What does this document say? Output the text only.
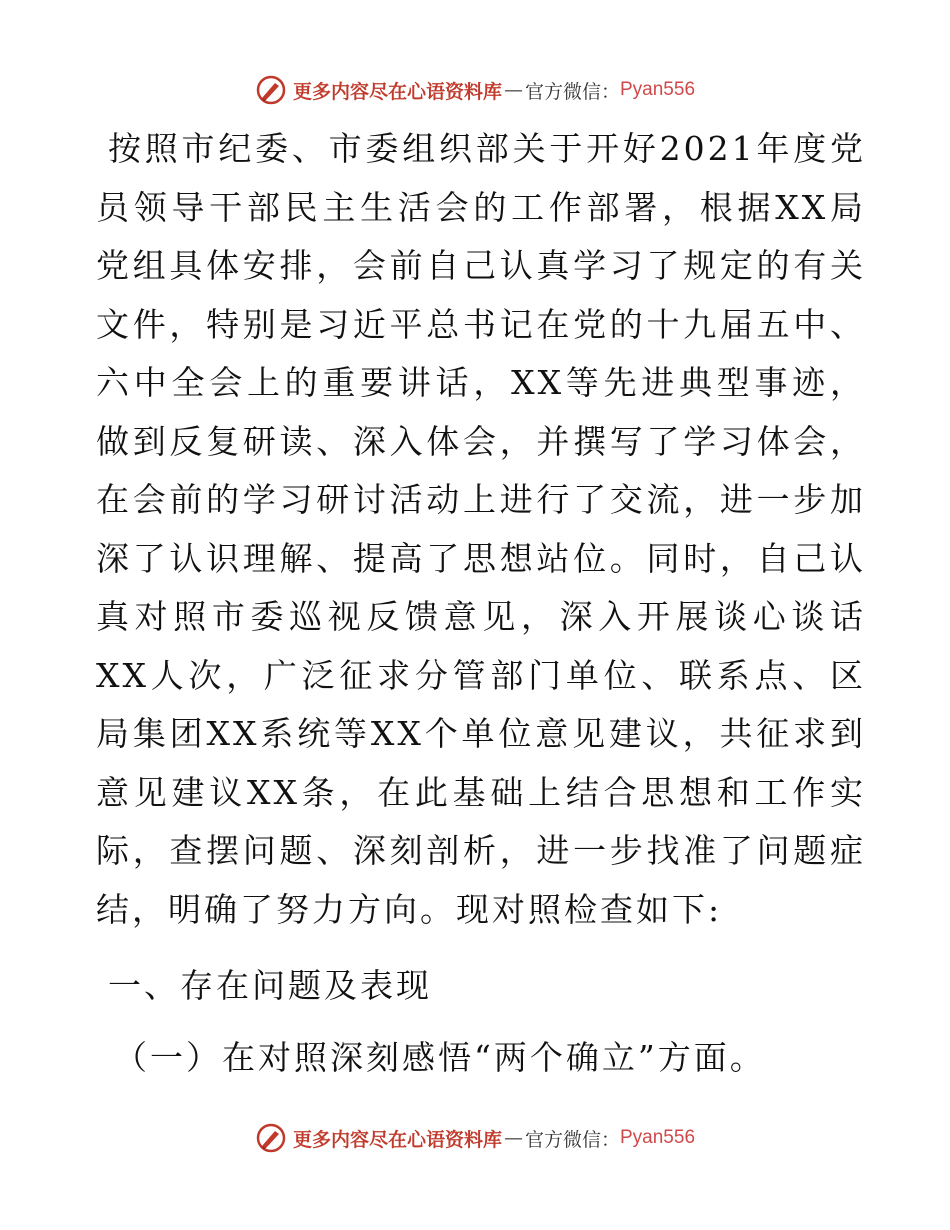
更多内容尽在心语资料库 — 官方微信： Pyan556

按照市纪委、市委组织部关于开好2021年度党员领导干部民主生活会的工作部署，根据XX局党组具体安排，会前自己认真学习了规定的有关文件，特别是习近平总书记在党的十九届五中、六中全会上的重要讲话，XX等先进典型事迹，做到反复研读、深入体会，并撰写了学习体会，在会前的学习研讨活动上进行了交流，进一步加深了认识理解、提高了思想站位。同时，自己认真对照市委巡视反馈意见，深入开展谈心谈话XX人次，广泛征求分管部门单位、联系点、区局集团XX系统等XX个单位意见建议，共征求到意见建议XX条，在此基础上结合思想和工作实际，查摆问题、深刻剖析，进一步找准了问题症结，明确了努力方向。现对照检查如下:

一、存在问题及表现
（一）在对照深刻感悟“两个确立”方面。
更多内容尽在心语资料库 — 官方微信： Pyan556
